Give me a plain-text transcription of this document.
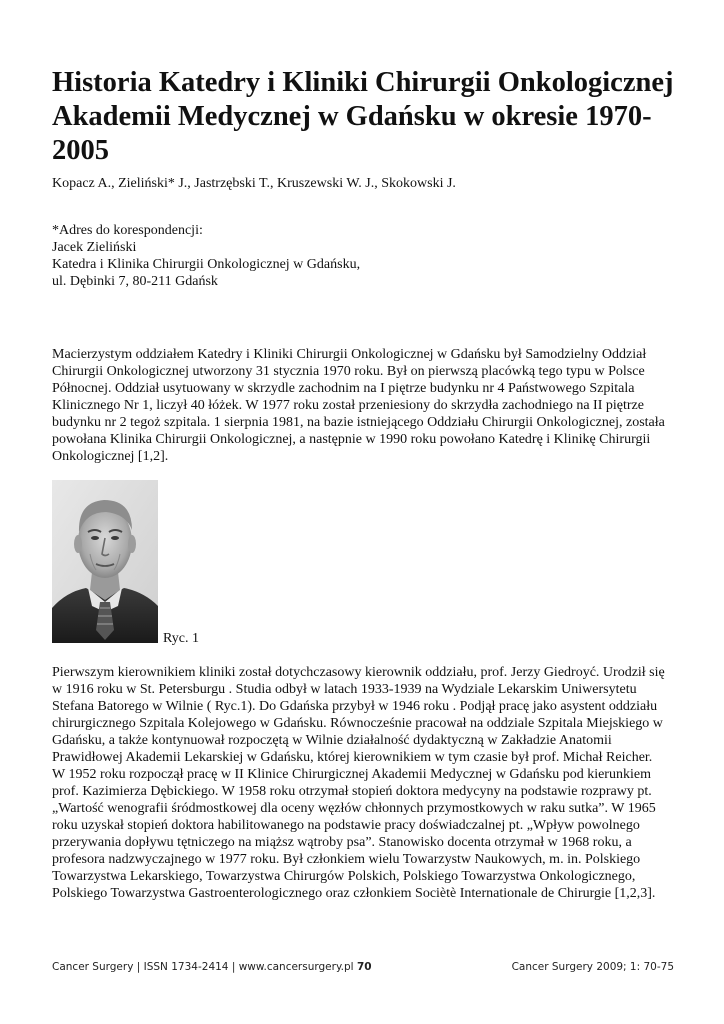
Historia Katedry i Kliniki Chirurgii Onkologicznej Akademii Medycznej w Gdańsku w okresie 1970-2005
Kopacz A., Zieliński* J., Jastrzębski T., Kruszewski W. J., Skokowski J.
*Adres do korespondencji:
Jacek Zieliński
Katedra i Klinika Chirurgii Onkologicznej w Gdańsku,
ul. Dębinki 7, 80-211 Gdańsk

Macierzystym oddziałem Katedry i Kliniki Chirurgii Onkologicznej w Gdańsku był Samodzielny Oddział Chirurgii Onkologicznej utworzony 31 stycznia 1970 roku. Był on pierwszą placówką tego typu w Polsce Północnej. Oddział usytuowany w skrzydle zachodnim na I piętrze budynku nr 4 Państwowego Szpitala Klinicznego Nr 1, liczył 40 łóżek. W 1977 roku został przeniesiony do skrzydła zachodniego na II piętrze budynku nr 2 tegoż szpitala. 1 sierpnia 1981, na bazie istniejącego Oddziału Chirurgii Onkologicznej, została powołana Klinika Chirurgii Onkologicznej, a następnie w 1990 roku powołano Katedrę i Klinikę Chirurgii Onkologicznej [1,2].

Ryc. 1

Pierwszym kierownikiem kliniki został dotychczasowy kierownik oddziału, prof. Jerzy Giedroyć. Urodził się w 1916 roku w St. Petersburgu . Studia odbył w latach 1933-1939 na Wydziale Lekarskim Uniwersytetu Stefana Batorego w Wilnie ( Ryc.1). Do Gdańska przybył w 1946 roku . Podjął pracę jako asystent oddziału chirurgicznego Szpitala Kolejowego w Gdańsku. Równocześnie pracował na oddziale Szpitala Miejskiego w Gdańsku, a także kontynuował rozpoczętą w Wilnie działalność dydaktyczną w Zakładzie Anatomii Prawidłowej Akademii Lekarskiej w Gdańsku, której kierownikiem w tym czasie był prof. Michał Reicher. W 1952 roku rozpoczął pracę w II Klinice Chirurgicznej Akademii Medycznej w Gdańsku pod kierunkiem prof. Kazimierza Dębickiego. W 1958 roku otrzymał stopień doktora medycyny na podstawie rozprawy pt. „Wartość wenografii śródmostkowej dla oceny węzłów chłonnych przymostkowych w raku sutka”. W 1965 roku uzyskał stopień doktora habilitowanego na podstawie pracy doświadczalnej pt. „Wpływ powolnego przerywania dopływu tętniczego na miąższ wątroby psa”. Stanowisko docenta otrzymał w 1968 roku, a profesora nadzwyczajnego w 1977 roku. Był członkiem wielu Towarzystw Naukowych, m. in. Polskiego Towarzystwa Lekarskiego, Towarzystwa Chirurgów Polskich, Polskiego Towarzystwa Onkologicznego, Polskiego Towarzystwa Gastroenterologicznego oraz członkiem Sociètè Internationale de Chirurgie [1,2,3].

Cancer Surgery | ISSN 1734-2414 | www.cancersurgery.pl 70	Cancer Surgery 2009; 1: 70-75
